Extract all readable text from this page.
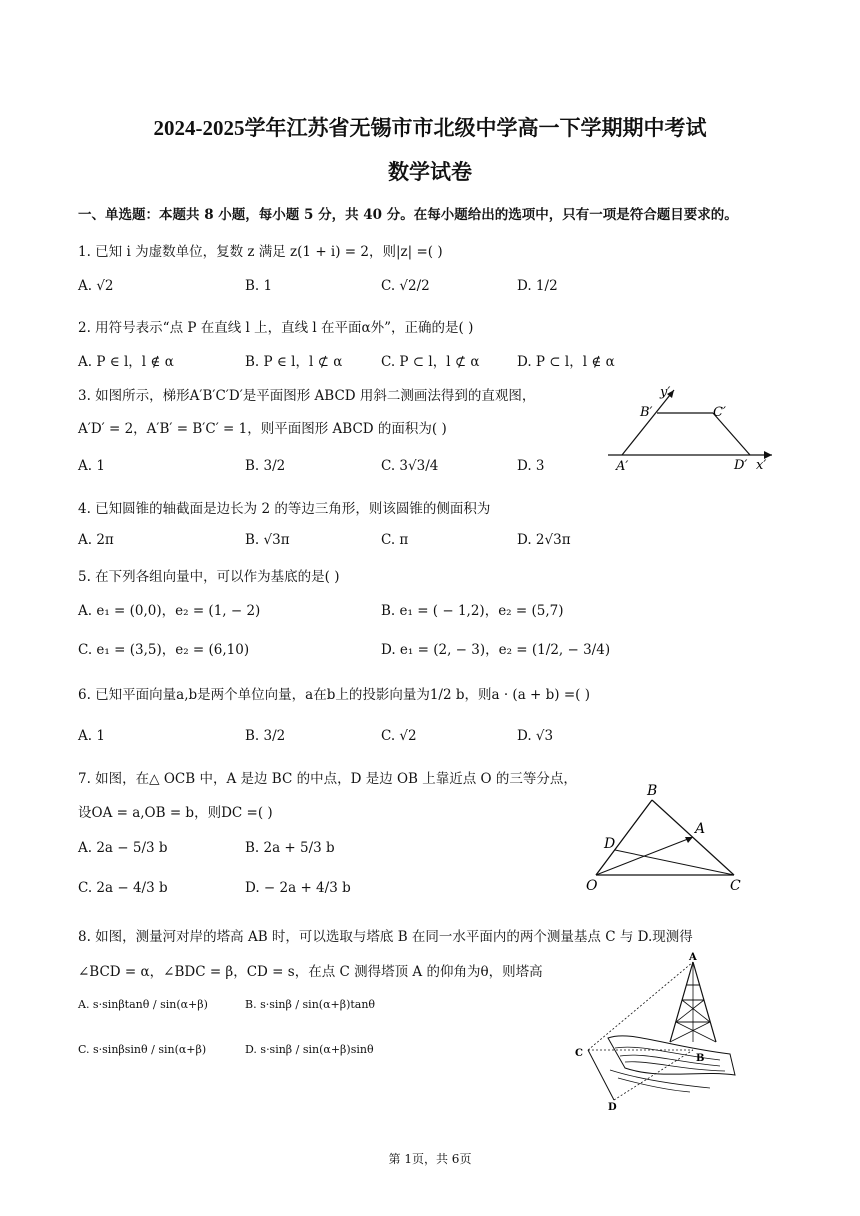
2024-2025学年江苏省无锡市市北级中学高一下学期期中考试
数学试卷
一、单选题：本题共 8 小题，每小题 5 分，共 40 分。在每小题给出的选项中，只有一项是符合题目要求的。
1. 已知 i 为虚数单位，复数 z 满足 z(1 + i) = 2，则|z| =( )
A. √2	B. 1	C. √2/2	D. 1/2
2. 用符号表示“点 P 在直线 l 上，直线 l 在平面α外”，正确的是( )
A. P ∈ l，l ∉ α	B. P ∈ l，l ⊄ α	C. P ⊂ l，l ⊄ α	D. P ⊂ l，l ∉ α
3. 如图所示，梯形A′B′C′D′是平面图形 ABCD 用斜二测画法得到的直观图，
A′D′ = 2，A′B′ = B′C′ = 1，则平面图形 ABCD 的面积为( )
A. 1	B. 3/2	C. 3√3/4	D. 3
y′
B′	C′
A′	D′ x′
4. 已知圆锥的轴截面是边长为 2 的等边三角形，则该圆锥的侧面积为
A. 2π	B. √3π	C. π	D. 2√3π
5. 在下列各组向量中，可以作为基底的是( )
A. e₁ = (0,0)，e₂ = (1, − 2)	B. e₁ = ( − 1,2)，e₂ = (5,7)
C. e₁ = (3,5)，e₂ = (6,10)	D. e₁ = (2, − 3)，e₂ = (1/2, − 3/4)
6. 已知平面向量a,b是两个单位向量，a在b上的投影向量为1/2 b，则a · (a + b) =( )
A. 1	B. 3/2	C. √2	D. √3
7. 如图，在△ OCB 中，A 是边 BC 的中点，D 是边 OB 上靠近点 O 的三等分点，
设OA = a,OB = b，则DC =( )
A. 2a − 5/3 b	B. 2a + 5/3 b
C. 2a − 4/3 b	D. − 2a + 4/3 b
B
A
D
O	C
8. 如图，测量河对岸的塔高 AB 时，可以选取与塔底 B 在同一水平面内的两个测量基点 C 与 D.现测得
∠BCD = α，∠BDC = β，CD = s，在点 C 测得塔顶 A 的仰角为θ，则塔高
A. s·sinβtanθ / sin(α+β)	B. s·sinβ / sin(α+β)tanθ
C. s·sinβsinθ / sin(α+β)	D. s·sinβ / sin(α+β)sinθ
A
B
C
D
第 1页，共 6页
